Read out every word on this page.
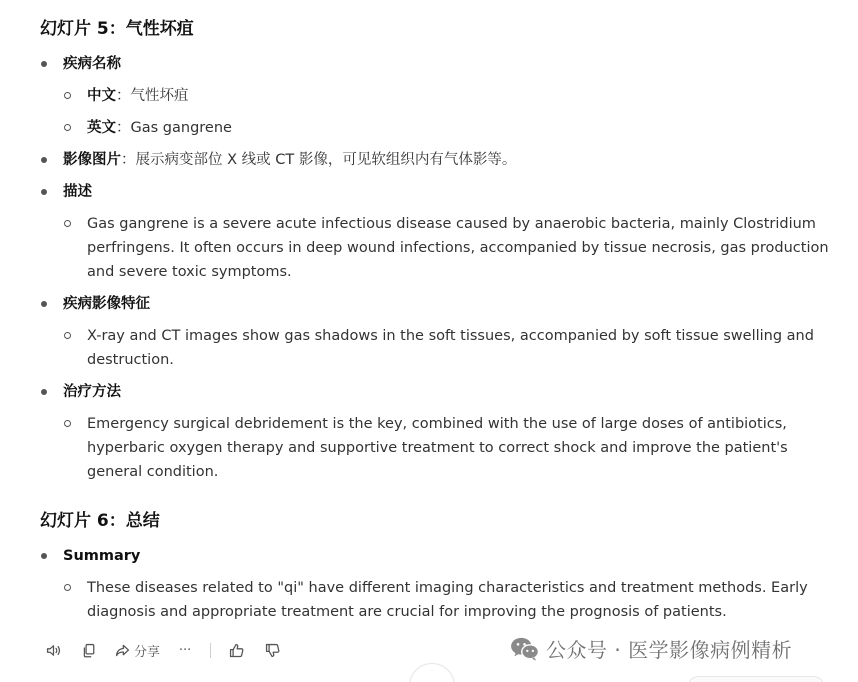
幻灯片 5：气性坏疽
疾病名称
中文：气性坏疽
英文：Gas gangrene
影像图片：展示病变部位 X 线或 CT 影像，可见软组织内有气体影等。
描述
Gas gangrene is a severe acute infectious disease caused by anaerobic bacteria, mainly Clostridium perfringens. It often occurs in deep wound infections, accompanied by tissue necrosis, gas production and severe toxic symptoms.
疾病影像特征
X-ray and CT images show gas shadows in the soft tissues, accompanied by soft tissue swelling and destruction.
治疗方法
Emergency surgical debridement is the key, combined with the use of large doses of antibiotics, hyperbaric oxygen therapy and supportive treatment to correct shock and improve the patient's general condition.
幻灯片 6：总结
Summary
These diseases related to "qi" have different imaging characteristics and treatment methods. Early diagnosis and appropriate treatment are crucial for improving the prognosis of patients.
分享 ···	公众号 · 医学影像病例精析
